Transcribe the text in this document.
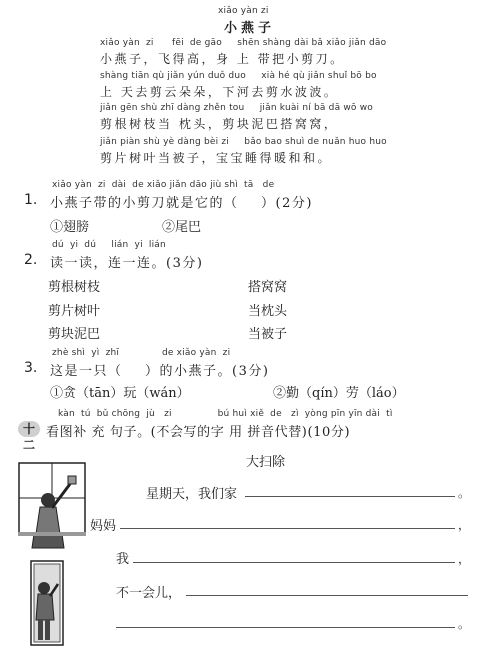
xiǎo yàn zi
小燕子
xiǎo yàn  zi      fēi  de gāo     shēn shàng dài bǎ xiǎo jiǎn dāo
小燕子，飞得高，身 上 带把小剪刀。
shàng tiān qù jiǎn yún duǒ duo     xià hé qù jiǎn shuǐ bō bo
上 天去剪云朵朵，下河去剪水波波。
jiǎn gēn shù zhī dàng zhěn tou     jiǎn kuài ní bā dā wō wo
剪根树枝当 枕头，剪块泥巴搭窝窝，
jiǎn piàn shù yè dàng bèi zi     bǎo bao shuì de nuǎn huo huo
剪片树叶当被子，宝宝睡得暖和和。
xiǎo yàn  zi  dài  de xiǎo jiǎn dāo jiù shì  tā   de
1. 小燕子带的小剪刀就是它的（    ）(2分)
①翅膀	②尾巴
dú  yi  dú     lián  yi  lián
2. 读一读，连一连。(3分)
剪根树枝
剪片树叶
剪块泥巴
搭窝窝
当枕头
当被子
zhè shì  yì  zhī              de xiǎo yàn  zi
3. 这是一只（    ）的小燕子。(3分)
①贪（tān）玩（wán）	②勤（qín）劳（láo）
kàn  tú  bǔ chōng  jù   zi               bú huì xiě  de   zì  yòng pīn yīn dài  tì
十二
看图补 充 句子。(不会写的字 用 拼音代替)(10分)
大扫除
星期天，我们家	。
妈妈	，
我	，
不一会儿，
。
